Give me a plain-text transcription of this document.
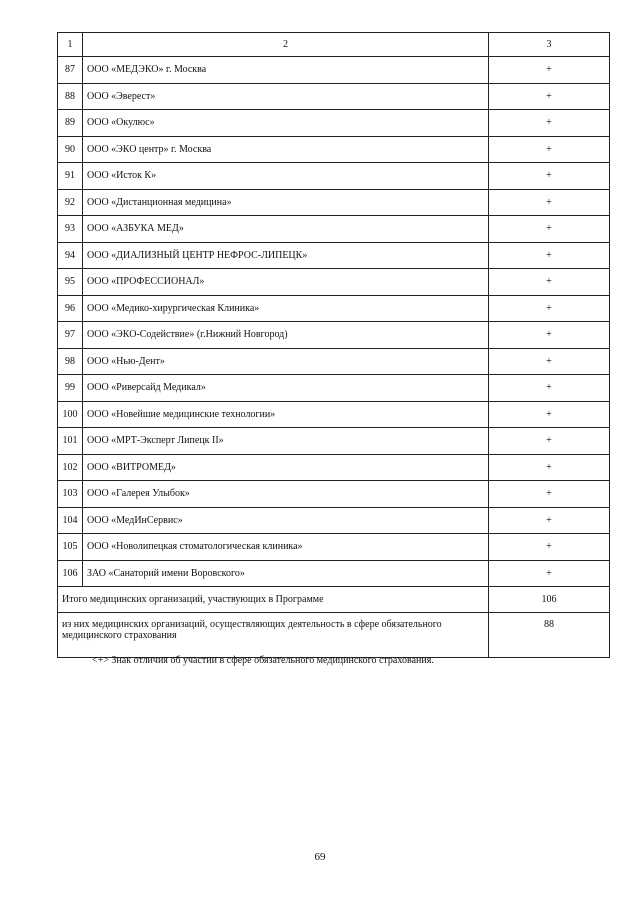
1	2	3
87	ООО «МЕДЭКО» г. Москва	+
88	ООО «Эверест»	+
89	ООО «Окулюс»	+
90	ООО «ЭКО центр» г. Москва	+
91	ООО «Исток К»	+
92	ООО «Дистанционная медицина»	+
93	ООО «АЗБУКА МЕД»	+
94	ООО «ДИАЛИЗНЫЙ ЦЕНТР НЕФРОС-ЛИПЕЦК»	+
95	ООО «ПРОФЕССИОНАЛ»	+
96	ООО «Медико-хирургическая Клиника»	+
97	ООО «ЭКО-Содействие» (г.Нижний Новгород)	+
98	ООО «Нью-Дент»	+
99	ООО «Риверсайд Медикал»	+
100	ООО «Новейшие медицинские технологии»	+
101	ООО «МРТ-Эксперт Липецк II»	+
102	ООО «ВИТРОМЕД»	+
103	ООО «Галерея Улыбок»	+
104	ООО «МедИнСервис»	+
105	ООО «Новолипецкая стоматологическая клиника»	+
106	ЗАО «Санаторий имени Воровского»	+
Итого медицинских организаций, участвующих в Программе		106
из них медицинских организаций, осуществляющих деятельность в сфере обязательного медицинского страхования		88
<+> Знак отличия об участии в сфере обязательного медицинского страхования.
69
